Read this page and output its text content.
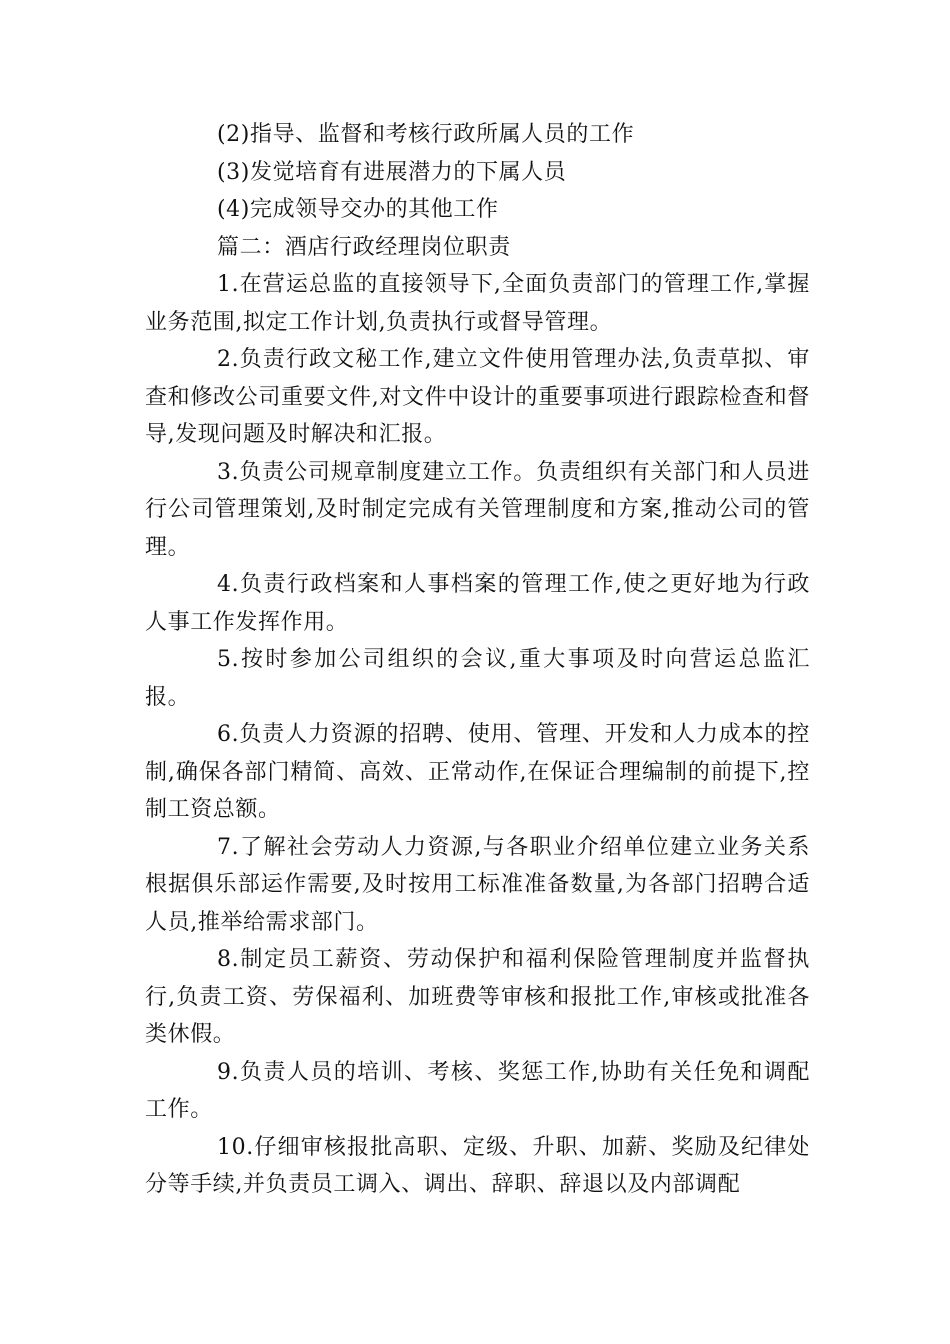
(2)指导、监督和考核行政所属人员的工作

(3)发觉培育有进展潜力的下属人员

(4)完成领导交办的其他工作

篇二：酒店行政经理岗位职责

1.在营运总监的直接领导下,全面负责部门的管理工作,掌握业务范围,拟定工作计划,负责执行或督导管理。

2.负责行政文秘工作,建立文件使用管理办法,负责草拟、审查和修改公司重要文件,对文件中设计的重要事项进行跟踪检查和督导,发现问题及时解决和汇报。

3.负责公司规章制度建立工作。负责组织有关部门和人员进行公司管理策划,及时制定完成有关管理制度和方案,推动公司的管理。

4.负责行政档案和人事档案的管理工作,使之更好地为行政人事工作发挥作用。

5.按时参加公司组织的会议,重大事项及时向营运总监汇报。

6.负责人力资源的招聘、使用、管理、开发和人力成本的控制,确保各部门精简、高效、正常动作,在保证合理编制的前提下,控制工资总额。

7.了解社会劳动人力资源,与各职业介绍单位建立业务关系根据俱乐部运作需要,及时按用工标准准备数量,为各部门招聘合适人员,推举给需求部门。

8.制定员工薪资、劳动保护和福利保险管理制度并监督执行,负责工资、劳保福利、加班费等审核和报批工作,审核或批准各类休假。

9.负责人员的培训、考核、奖惩工作,协助有关任免和调配工作。

10.仔细审核报批高职、定级、升职、加薪、奖励及纪律处分等手续,并负责员工调入、调出、辞职、辞退以及内部调配
